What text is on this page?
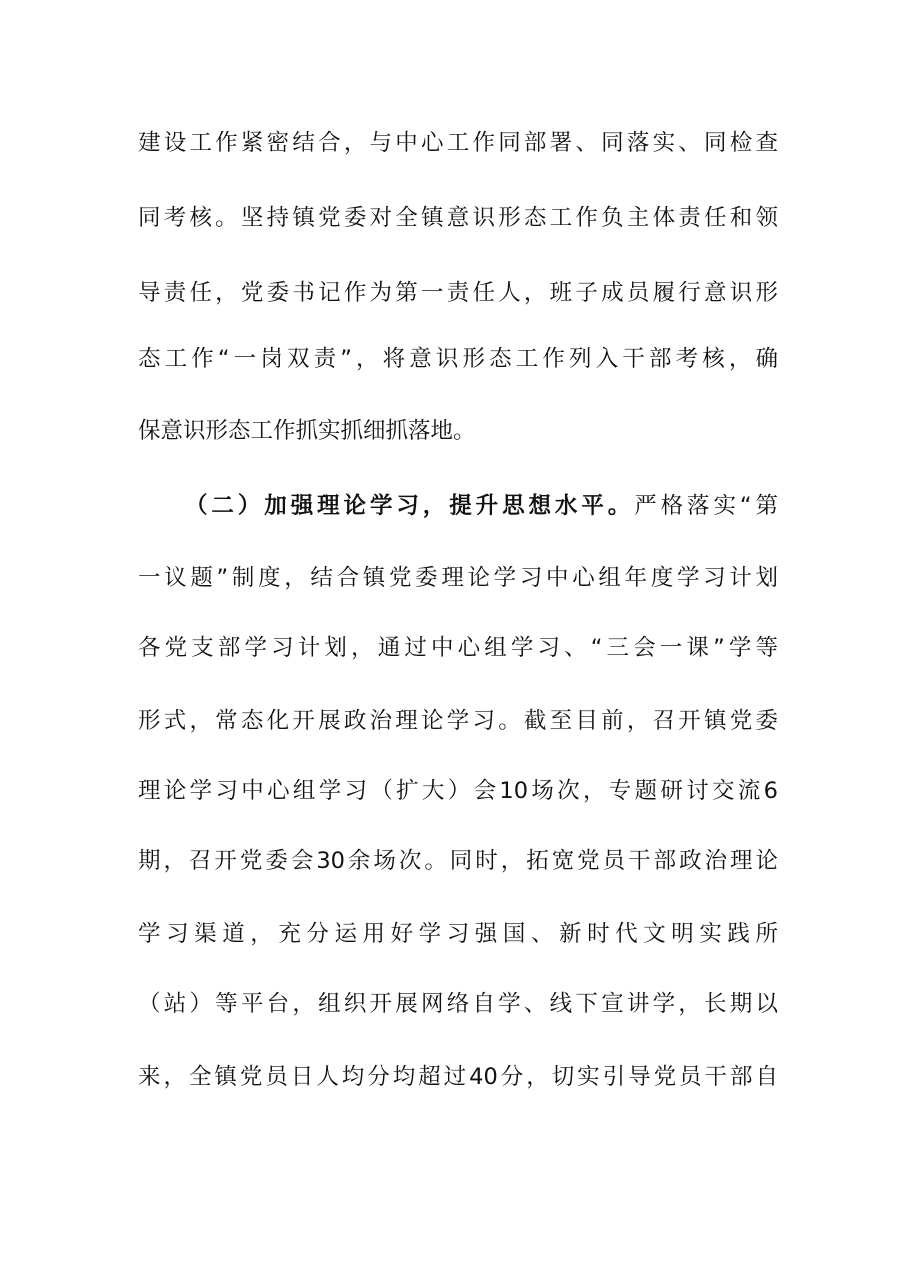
建设工作紧密结合，与中心工作同部署、同落实、同检查
同考核。坚持镇党委对全镇意识形态工作负主体责任和领
导责任，党委书记作为第一责任人，班子成员履行意识形
态工作“一岗双责”，将意识形态工作列入干部考核，确
保意识形态工作抓实抓细抓落地。
（二）加强理论学习，提升思想水平。严格落实“第
一议题”制度，结合镇党委理论学习中心组年度学习计划
各党支部学习计划，通过中心组学习、“三会一课”学等
形式，常态化开展政治理论学习。截至目前，召开镇党委
理论学习中心组学习（扩大）会10场次，专题研讨交流6
期，召开党委会30余场次。同时，拓宽党员干部政治理论
学习渠道，充分运用好学习强国、新时代文明实践所
（站）等平台，组织开展网络自学、线下宣讲学，长期以
来，全镇党员日人均分均超过40分，切实引导党员干部自
